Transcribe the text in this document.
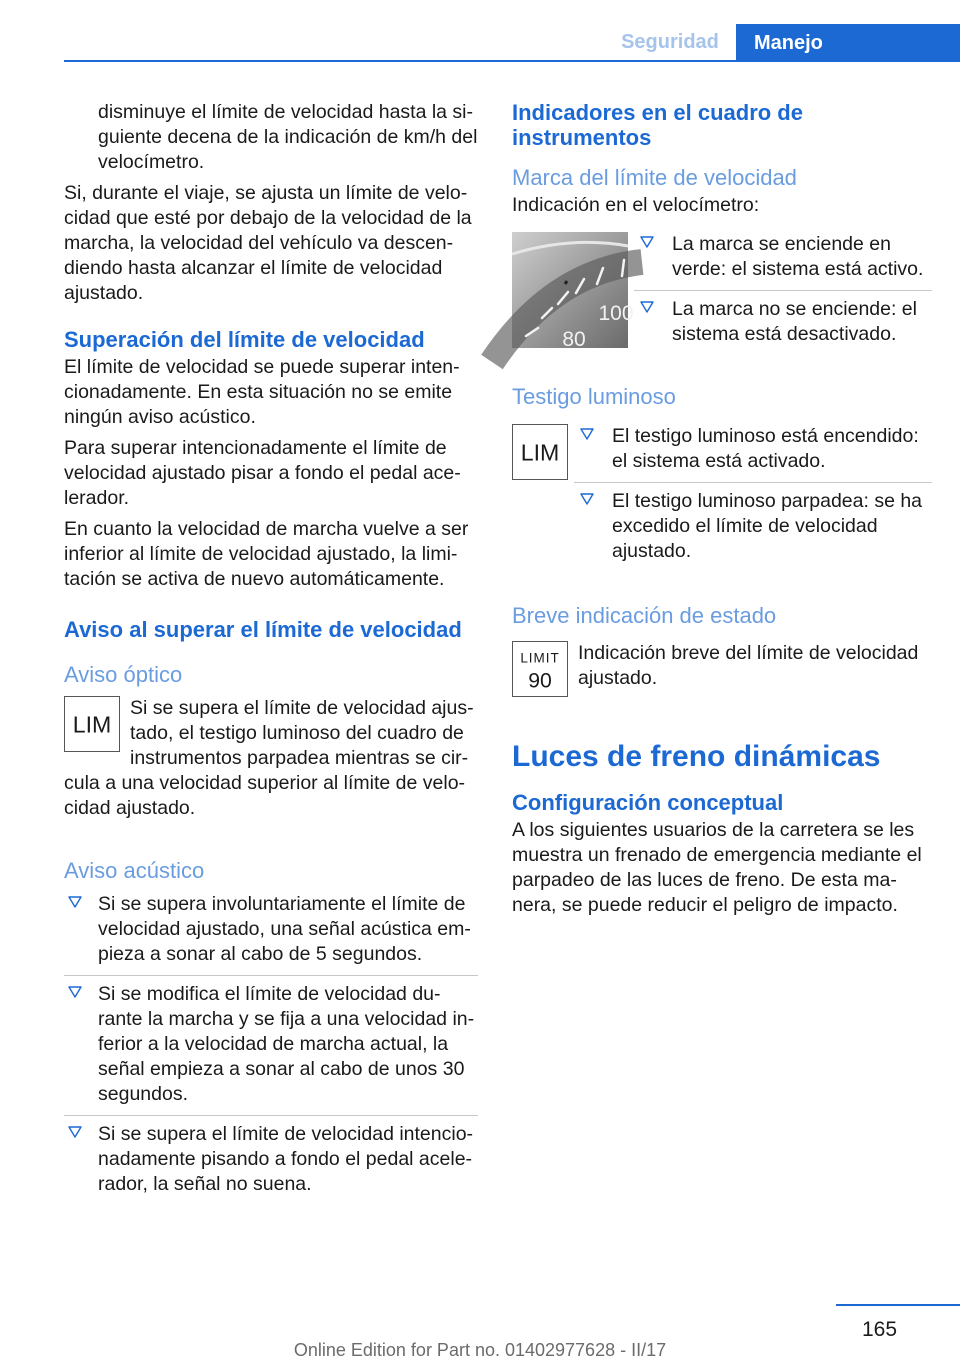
Seguridad	Manejo

disminuye el límite de velocidad hasta la si‐guiente decena de la indicación de km/h del velocímetro.

Si, durante el viaje, se ajusta un límite de velo‐cidad que esté por debajo de la velocidad de la marcha, la velocidad del vehículo va descen‐diendo hasta alcanzar el límite de velocidad ajustado.

Superación del límite de velocidad

El límite de velocidad se puede superar inten‐cionadamente. En esta situación no se emite ningún aviso acústico.

Para superar intencionadamente el límite de velocidad ajustado pisar a fondo el pedal ace‐lerador.

En cuanto la velocidad de marcha vuelve a ser inferior al límite de velocidad ajustado, la limi‐tación se activa de nuevo automáticamente.

Aviso al superar el límite de velocidad
Aviso óptico
LIM

Si se supera el límite de velocidad ajus‐tado, el testigo luminoso del cuadro de instrumentos parpadea mientras se cir‐cula a una velocidad superior al límite de velo‐cidad ajustado.

Aviso acústico
Si se supera involuntariamente el límite de velocidad ajustado, una señal acústica em‐pieza a sonar al cabo de 5 segundos.
Si se modifica el límite de velocidad du‐rante la marcha y se fija a una velocidad in‐ferior a la velocidad de marcha actual, la señal empieza a sonar al cabo de unos 30 segundos.
Si se supera el límite de velocidad intencio‐nadamente pisando a fondo el pedal acele‐rador, la señal no suena.
Indicadores en el cuadro de instrumentos
Marca del límite de velocidad

Indicación en el velocímetro:

100
80
La marca se enciende en verde: el sistema está activo.
La marca no se enciende: el sistema está desactivado.
Testigo luminoso
LIM
El testigo luminoso está encendido: el sistema está activado.
El testigo luminoso parpadea: se ha excedido el límite de velocidad ajustado.
Breve indicación de estado
LIMIT
90
Indicación breve del límite de velocidad ajustado.
Luces de freno dinámicas
Configuración conceptual

A los siguientes usuarios de la carretera se les muestra un frenado de emergencia mediante el parpadeo de las luces de freno. De esta ma‐nera, se puede reducir el peligro de impacto.

165
Online Edition for Part no. 01402977628 - II/17
